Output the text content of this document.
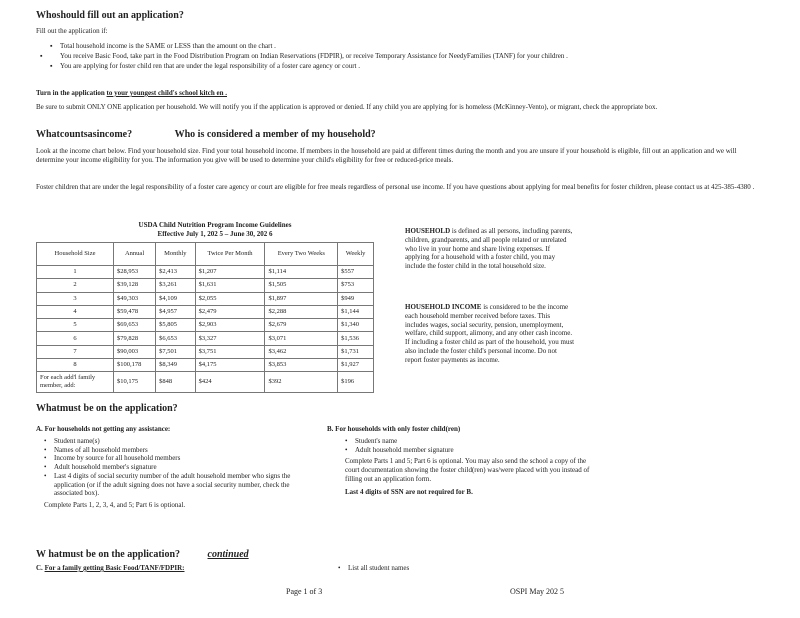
Whoshould fill out an application?
Fill out the application if:

▪ Total household income is the SAME or LESS than the amount on the chart .

▪	You receive Basic Food, take part in the Food Distribution Program on Indian Reservations (FDPIR), or receive Temporary Assistance for NeedyFamilies (TANF) for your children .

▪ You are applying for foster child ren that are under the legal responsibility of a foster care agency or court .

Turn in the application to your youngest child's school kitch en .
Be sure to submit ONLY ONE application per household. We will notify you if the application is approved or denied. If any child you are applying for is homeless (McKinney-Vento), or migrant, check the appropriate box.
Whatcountsasincome?	Who is considered a member of my household?
Look at the income chart below. Find your household size. Find your total household income. If members in the household are paid at different times during the month and you are unsure if your household is eligible, fill out an application and we will determine your income eligibility for you. The information you give will be used to determine your child's eligibility for free or reduced-price meals.
Foster children that are under the legal responsibility of a foster care agency or court are eligible for free meals regardless of personal use income. If you have questions about applying for meal benefits for foster children, please contact us at 425-385-4380 .
USDA Child Nutrition Program Income Guidelines
Effective July 1, 202 5 – June 30, 202 6
Household Size	Annual	Monthly	Twice Per Month	Every Two Weeks	Weekly
1	$28,953	$2,413	$1,207	$1,114	$557
2	$39,128	$3,261	$1,631	$1,505	$753
3	$49,303	$4,109	$2,055	$1,897	$949
4	$59,478	$4,957	$2,479	$2,288	$1,144
5	$69,653	$5,805	$2,903	$2,679	$1,340
6	$79,828	$6,653	$3,327	$3,071	$1,536
7	$90,003	$7,501	$3,751	$3,462	$1,731
8	$100,178	$8,349	$4,175	$3,853	$1,927
For each add'l family member, add:	$10,175	$848	$424	$392	$196
HOUSEHOLD is defined as all persons, including parents, children, grandparents, and all people related or unrelated who live in your home and share living expenses. If applying for a household with a foster child, you may include the foster child in the total household size.
HOUSEHOLD INCOME is considered to be the income each household member received before taxes. This includes wages, social security, pension, unemployment, welfare, child support, alimony, and any other cash income. If including a foster child as part of the household, you must also include the foster child's personal income. Do not report foster payments as income.
Whatmust be on the application?
A. For households not getting any assistance:
• Student name(s)
• Names of all household members
• Income by source for all household members
• Adult household member's signature
• Last 4 digits of social security number of the adult household member who signs the application (or if the adult signing does not have a social security number, check the associated box).
Complete Parts 1, 2, 3, 4, and 5; Part 6 is optional.
B. For households with only foster child(ren)
• Student's name
• Adult household member signature
Complete Parts 1 and 5; Part 6 is optional. You may also send the school a copy of the court documentation showing the foster child(ren) was/were placed with you instead of filling out an application form.
Last 4 digits of SSN are not required for B.
W hatmust be on the application?	continued
C. For a family getting Basic Food/TANF/FDPIR:	• List all student names
Page 1 of 3	OSPI May 202 5
